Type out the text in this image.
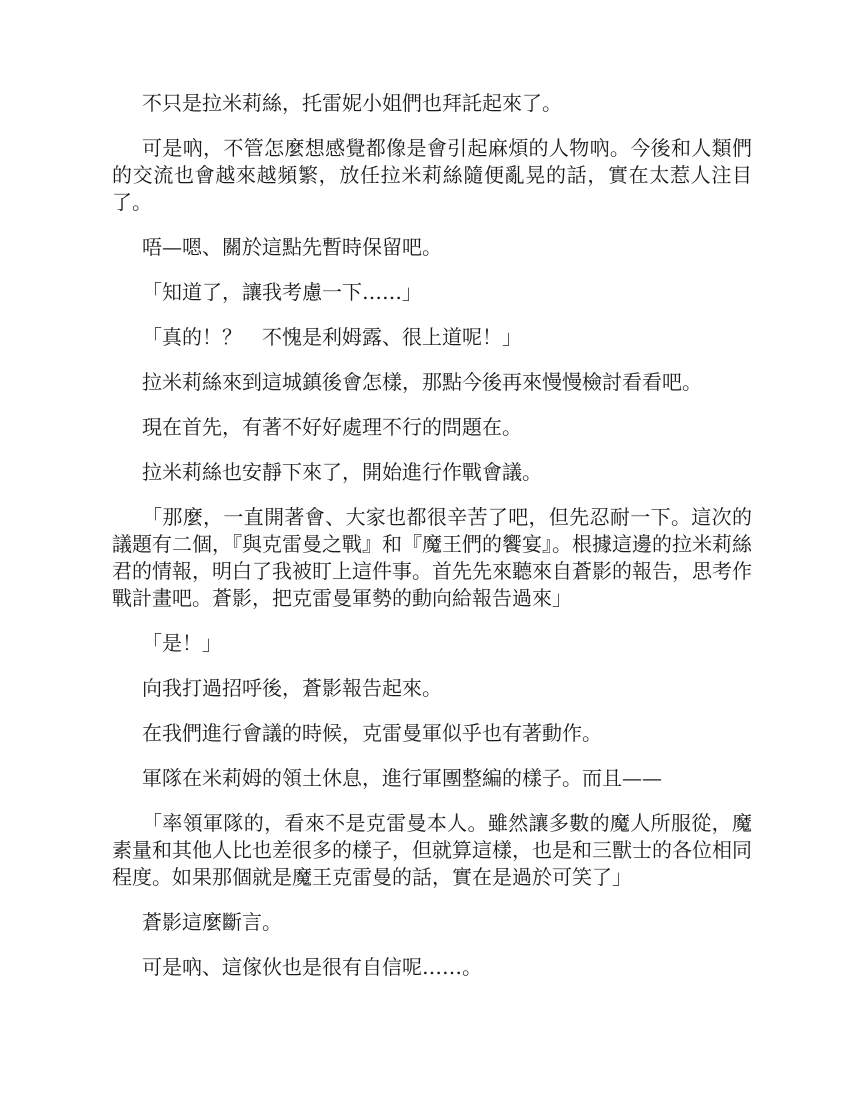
不只是拉米莉絲，托雷妮小姐們也拜託起來了。

可是吶，不管怎麼想感覺都像是會引起麻煩的人物吶。今後和人類們的交流也會越來越頻繁，放任拉米莉絲隨便亂晃的話，實在太惹人注目了。

唔—嗯、關於這點先暫時保留吧。

「知道了，讓我考慮一下……」

「真的！？　不愧是利姆露、很上道呢！」

拉米莉絲來到這城鎮後會怎樣，那點今後再來慢慢檢討看看吧。

現在首先，有著不好好處理不行的問題在。

拉米莉絲也安靜下來了，開始進行作戰會議。

「那麼，一直開著會、大家也都很辛苦了吧，但先忍耐一下。這次的議題有二個，『與克雷曼之戰』和『魔王們的饗宴』。根據這邊的拉米莉絲君的情報，明白了我被盯上這件事。首先先來聽來自蒼影的報告，思考作戰計畫吧。蒼影，把克雷曼軍勢的動向給報告過來」

「是！」

向我打過招呼後，蒼影報告起來。

在我們進行會議的時候，克雷曼軍似乎也有著動作。

軍隊在米莉姆的領土休息，進行軍團整編的樣子。而且——

「率領軍隊的，看來不是克雷曼本人。雖然讓多數的魔人所服從，魔素量和其他人比也差很多的樣子，但就算這樣，也是和三獸士的各位相同程度。如果那個就是魔王克雷曼的話，實在是過於可笑了」

蒼影這麼斷言。

可是吶、這傢伙也是很有自信呢……。
